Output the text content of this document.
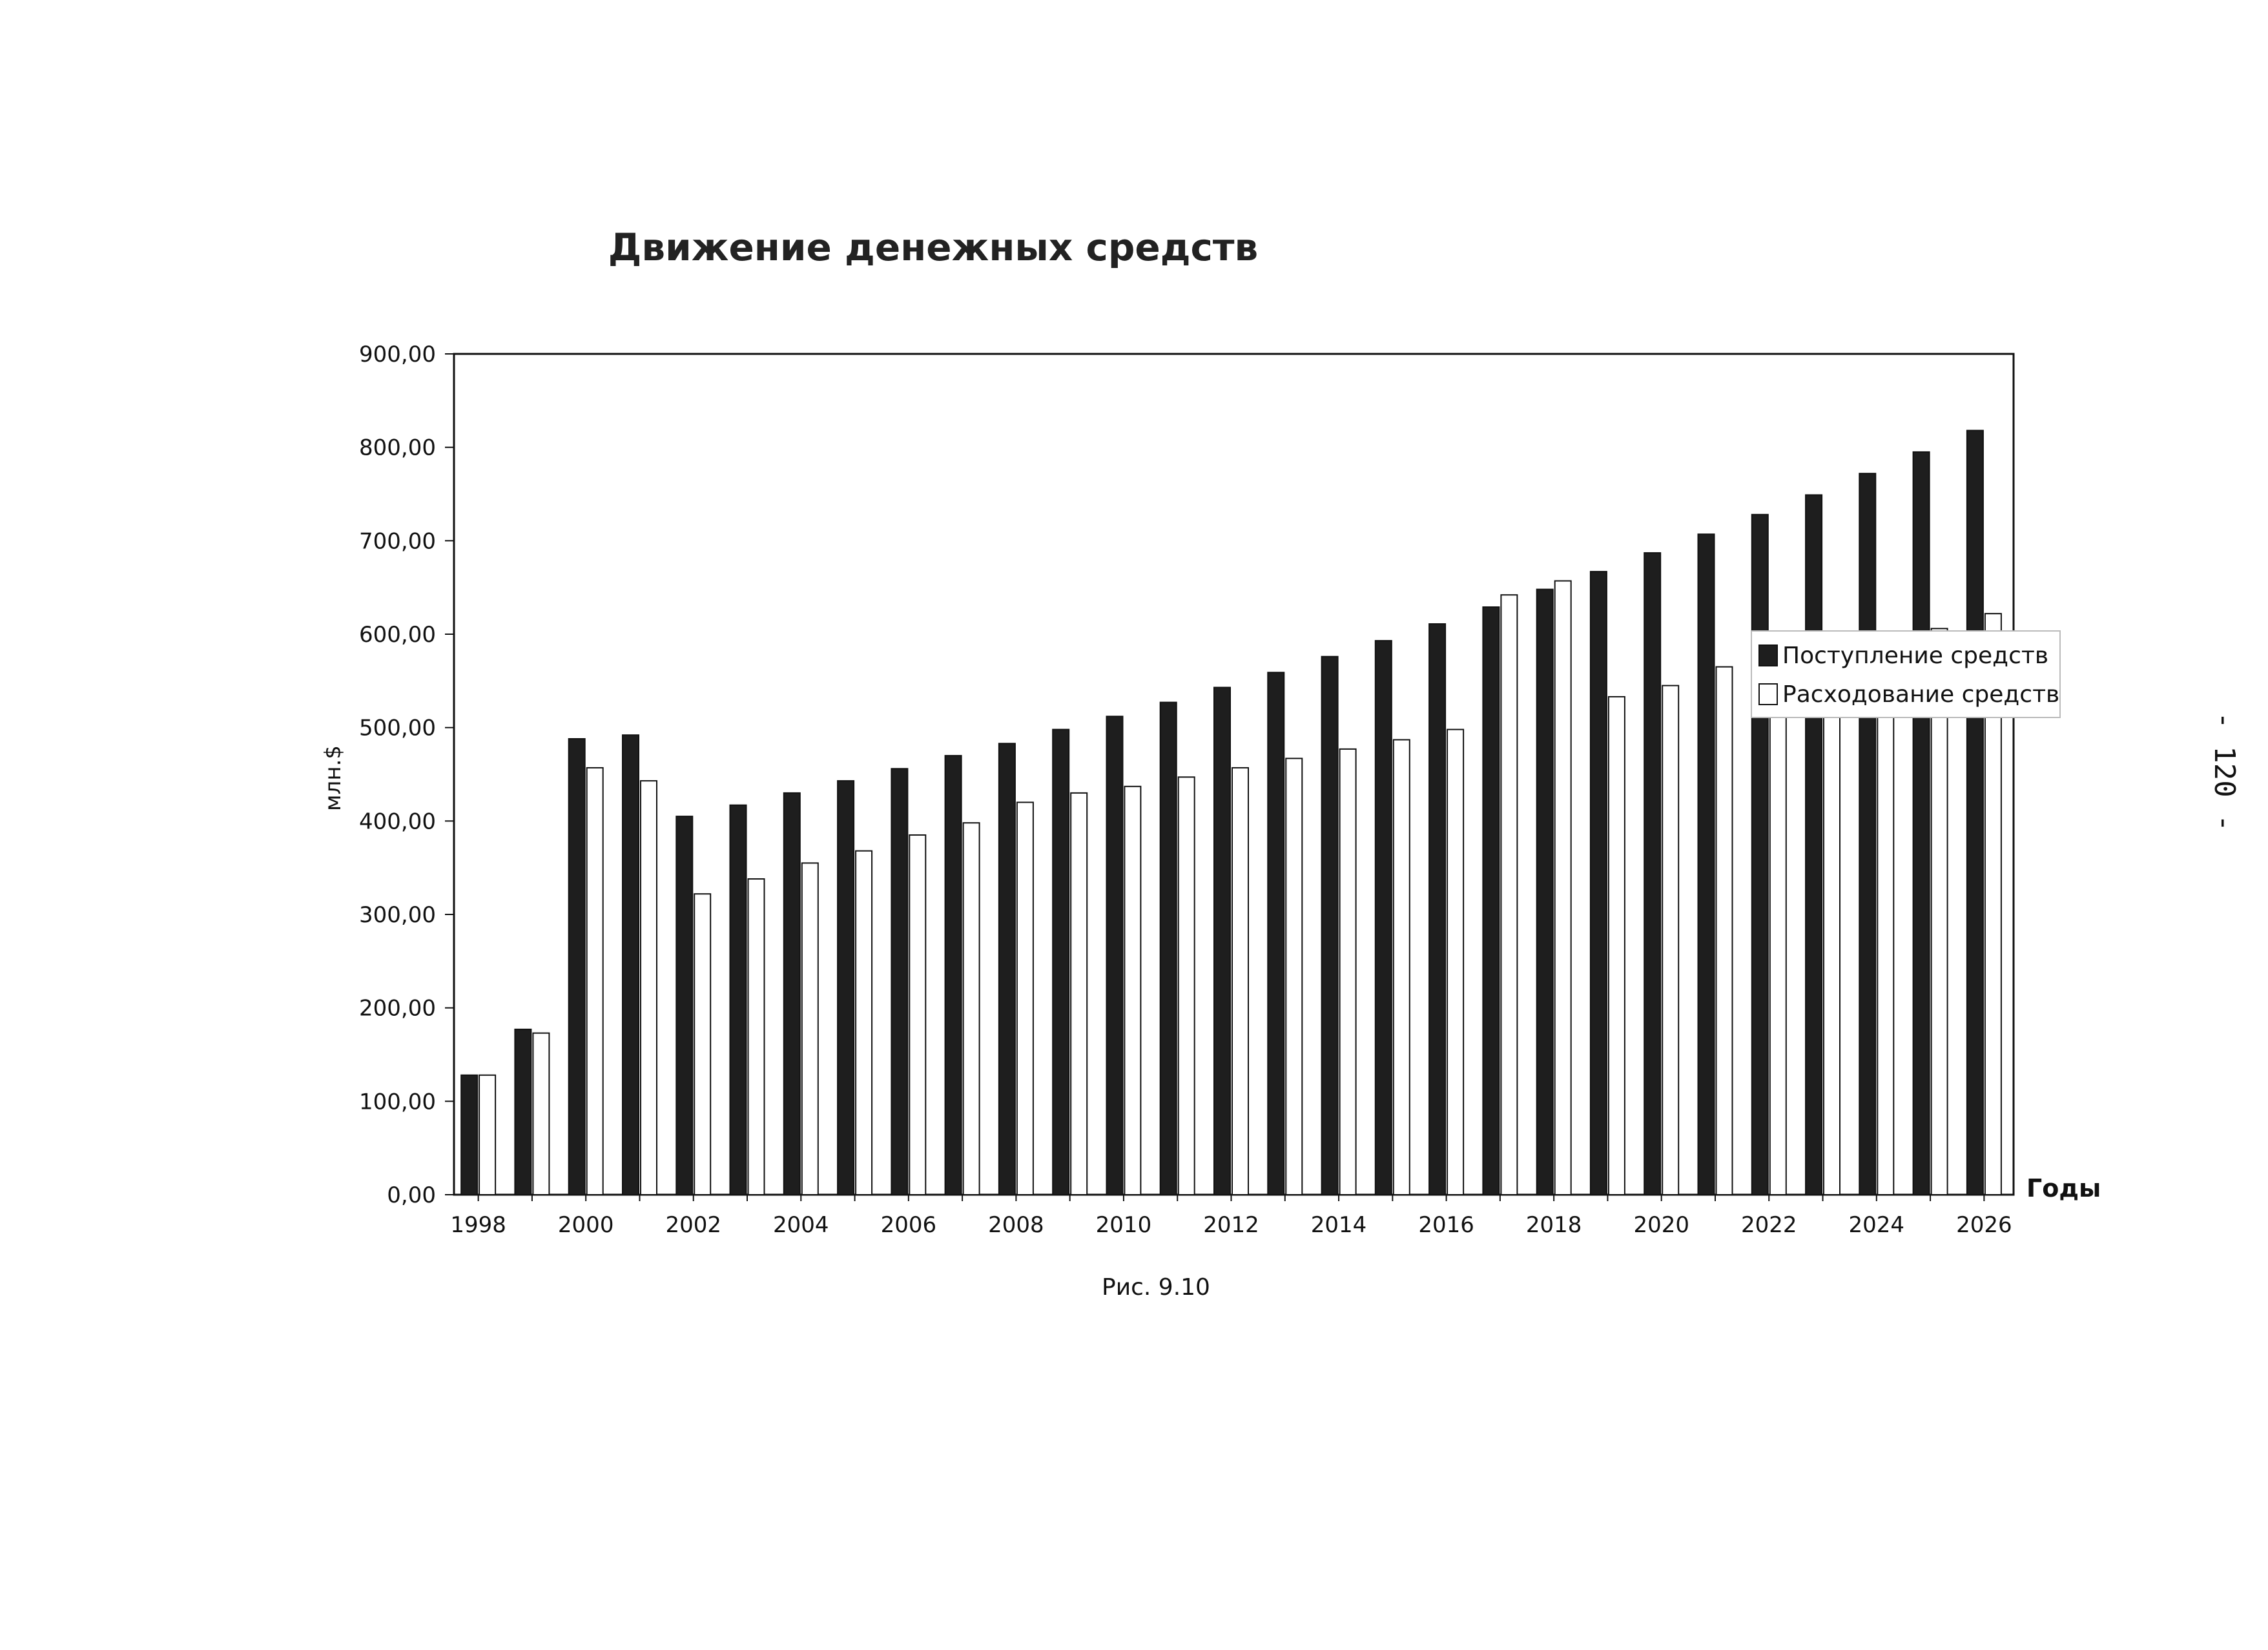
Движение денежных средств
0,00
100,00
200,00
300,00
400,00
500,00
600,00
700,00
800,00
900,00
1998 2000 2002 2004 2006 2008 2010 2012 2014 2016 2018 2020 2022 2024 2026
млн.$
Годы
Поступление средств
Расходование средств
Рис. 9.10
- 120 -
